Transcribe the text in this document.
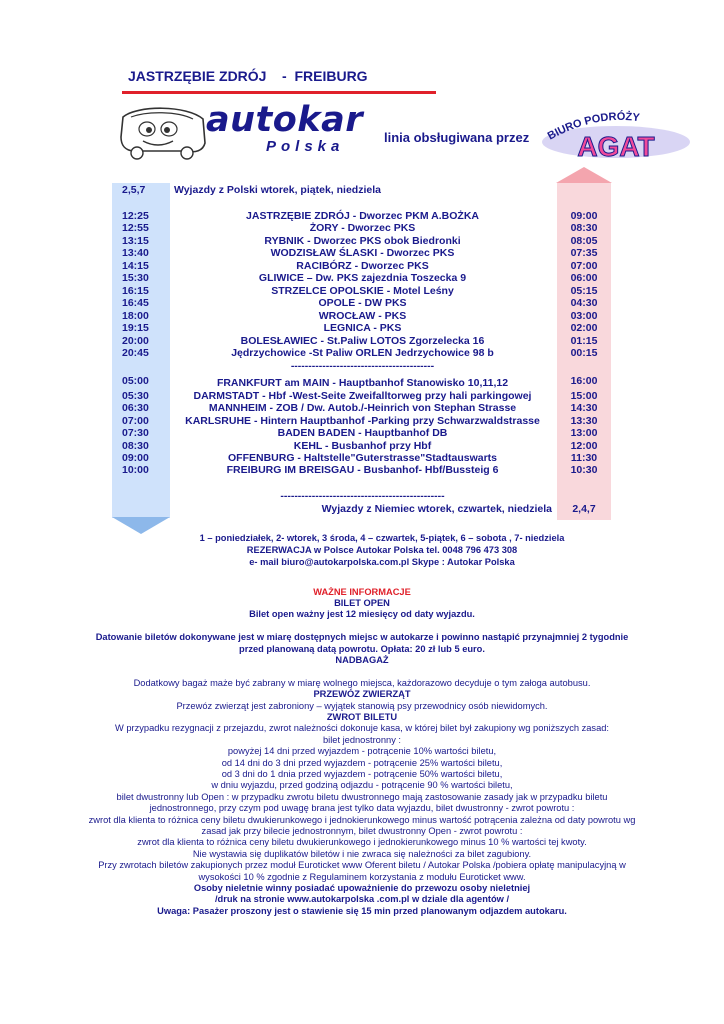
JASTRZĘBIE ZDRÓJ    -  FREIBURG
autokar
Polska
linia obsługiwana przez BIURO PODRÓŻY
AGAT
2,5,7	Wyjazdy z Polski wtorek, piątek, niedziela
12:25	JASTRZĘBIE ZDRÓJ - Dworzec PKM A.BOŻKA	09:00
12:55	ŻORY - Dworzec PKS	08:30
13:15	RYBNIK - Dworzec PKS obok Biedronki	08:05
13:40	WODZISŁAW ŚLASKI - Dworzec PKS	07:35
14:15	RACIBÓRZ - Dworzec PKS	07:00
15:30	GLIWICE – Dw. PKS zajezdnia Toszecka 9	06:00
16:15	STRZELCE OPOLSKIE - Motel Leśny	05:15
16:45	OPOLE - DW PKS	04:30
18:00	WROCŁAW - PKS	03:00
19:15	LEGNICA - PKS	02:00
20:00	BOLESŁAWIEC - St.Paliw LOTOS Zgorzelecka 16	01:15
20:45	Jędrzychowice -St Paliw ORLEN Jedrzychowice 98 b	00:15
-----------------------------------------
05:00	FRANKFURT am MAIN - Hauptbanhof Stanowisko 10,11,12	16:00
05:30	DARMSTADT - Hbf -West-Seite Zweifalltorweg przy hali parkingowej	15:00
06:30	MANNHEIM - ZOB / Dw. Autob./-Heinrich von Stephan Strasse	14:30
07:00	KARLSRUHE - Hintern Hauptbanhof -Parking przy Schwarzwaldstrasse	13:30
07:30	BADEN BADEN - Hauptbanhof DB	13:00
08:30	KEHL - Busbanhof przy Hbf	12:00
09:00	OFFENBURG - Haltstelle"Guterstrasse"Stadtauswarts	11:30
10:00	FREIBURG IM BREISGAU - Busbanhof- Hbf/Bussteig 6	10:30
-----------------------------------------------
Wyjazdy z Niemiec wtorek, czwartek, niedziela	2,4,7
1 – poniedziałek, 2- wtorek, 3 środa, 4 – czwartek, 5-piątek, 6 – sobota , 7- niedziela
REZERWACJA w Polsce Autokar Polska tel. 0048 796 473 308
e- mail biuro@autokarpolska.com.pl Skype : Autokar Polska
WAŻNE INFORMACJE
BILET OPEN
Bilet open ważny jest 12 miesięcy od daty wyjazdu.
Datowanie biletów dokonywane jest w miarę dostępnych miejsc w autokarze i powinno nastąpić przynajmniej 2 tygodnie
przed planowaną datą powrotu. Opłata: 20 zł lub 5 euro.
NADBAGAŻ
Dodatkowy bagaż maże być zabrany w miarę wolnego miejsca, każdorazowo decyduje o tym załoga autobusu.
PRZEWÓZ ZWIERZĄT
Przewóz zwierząt jest zabroniony – wyjątek stanowią psy przewodnicy osób niewidomych.
ZWROT BILETU
W przypadku rezygnacji z przejazdu, zwrot należności dokonuje kasa, w której bilet był zakupiony wg poniższych zasad:
bilet jednostronny :
powyżej 14 dni przed wyjazdem - potrącenie 10% wartości biletu,
od 14 dni do 3 dni przed wyjazdem - potrącenie 25% wartości biletu,
od 3 dni do 1 dnia przed wyjazdem - potrącenie 50% wartości biletu,
w dniu wyjazdu, przed godziną odjazdu - potrącenie 90 % wartości biletu,
bilet dwustronny lub Open : w przypadku zwrotu biletu dwustronnego mają zastosowanie zasady jak w przypadku biletu
jednostronnego, przy czym pod uwagę brana jest tylko data wyjazdu, bilet dwustronny - zwrot powrotu :
zwrot dla klienta to różnica ceny biletu dwukierunkowego i jednokierunkowego minus wartość potrącenia zależna od daty powrotu wg
zasad jak przy bilecie jednostronnym, bilet dwustronny Open - zwrot powrotu :
zwrot dla klienta to różnica ceny biletu dwukierunkowego i jednokierunkowego minus 10 % wartości tej kwoty.
Nie wystawia się duplikatów biletów i nie zwraca się należności za bilet zagubiony.
Przy zwrotach biletów zakupionych przez moduł Euroticket www Oferent biletu / Autokar Polska /pobiera opłatę manipulacyjną w
wysokości 10 % zgodnie z Regulaminem korzystania z modułu Euroticket www.
Osoby nieletnie winny posiadać upoważnienie do przewozu osoby nieletniej
/druk na stronie www.autokarpolska .com.pl w dziale dla agentów /
Uwaga: Pasażer proszony jest o stawienie się 15 min przed planowanym odjazdem autokaru.
